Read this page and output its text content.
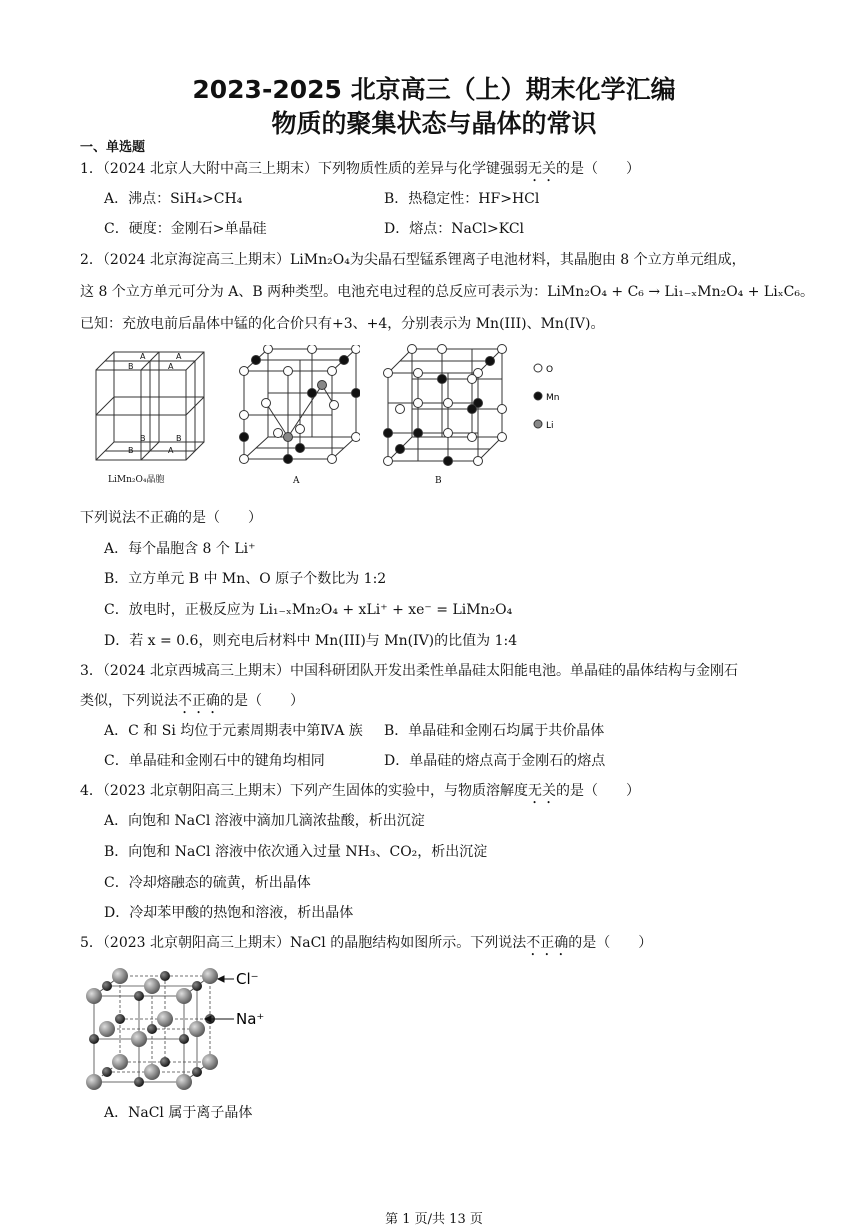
2023-2025 北京高三（上）期末化学汇编
物质的聚集状态与晶体的常识
一、单选题
1．（2024 北京人大附中高三上期末）下列物质性质的差异与化学键强弱无关的是（　　）
A．沸点：SiH₄>CH₄	B．热稳定性：HF>HCl
C．硬度：金刚石>单晶硅	D．熔点：NaCl>KCl
2．（2024 北京海淀高三上期末）LiMn₂O₄为尖晶石型锰系锂离子电池材料，其晶胞由 8 个立方单元组成，
这 8 个立方单元可分为 A、B 两种类型。电池充电过程的总反应可表示为：LiMn₂O₄ + C₆ → Li₁₋ₓMn₂O₄ + LiₓC₆。
已知：充放电前后晶体中锰的化合价只有+3、+4，分别表示为 Mn(III)、Mn(IV)。
A	A
B	A
B	B
B	A
LiMn₂O₄晶胞	A	B
O
Mn
Li
下列说法不正确的是（　　）
A．每个晶胞含 8 个 Li⁺
B．立方单元 B 中 Mn、O 原子个数比为 1:2
C．放电时，正极反应为 Li₁₋ₓMn₂O₄ + xLi⁺ + xe⁻ = LiMn₂O₄
D．若 x = 0.6，则充电后材料中 Mn(III)与 Mn(IV)的比值为 1:4
3．（2024 北京西城高三上期末）中国科研团队开发出柔性单晶硅太阳能电池。单晶硅的晶体结构与金刚石
类似，下列说法不正确的是（　　）
A．C 和 Si 均位于元素周期表中第ⅣA 族 B．单晶硅和金刚石均属于共价晶体
C．单晶硅和金刚石中的键角均相同	D．单晶硅的熔点高于金刚石的熔点
4．（2023 北京朝阳高三上期末）下列产生固体的实验中，与物质溶解度无关的是（　　）
A．向饱和 NaCl 溶液中滴加几滴浓盐酸，析出沉淀
B．向饱和 NaCl 溶液中依次通入过量 NH₃、CO₂，析出沉淀
C．冷却熔融态的硫黄，析出晶体
D．冷却苯甲酸的热饱和溶液，析出晶体
5．（2023 北京朝阳高三上期末）NaCl 的晶胞结构如图所示。下列说法不正确的是（　　）
Cl⁻
Na⁺
A．NaCl 属于离子晶体
第 1 页/共 13 页
